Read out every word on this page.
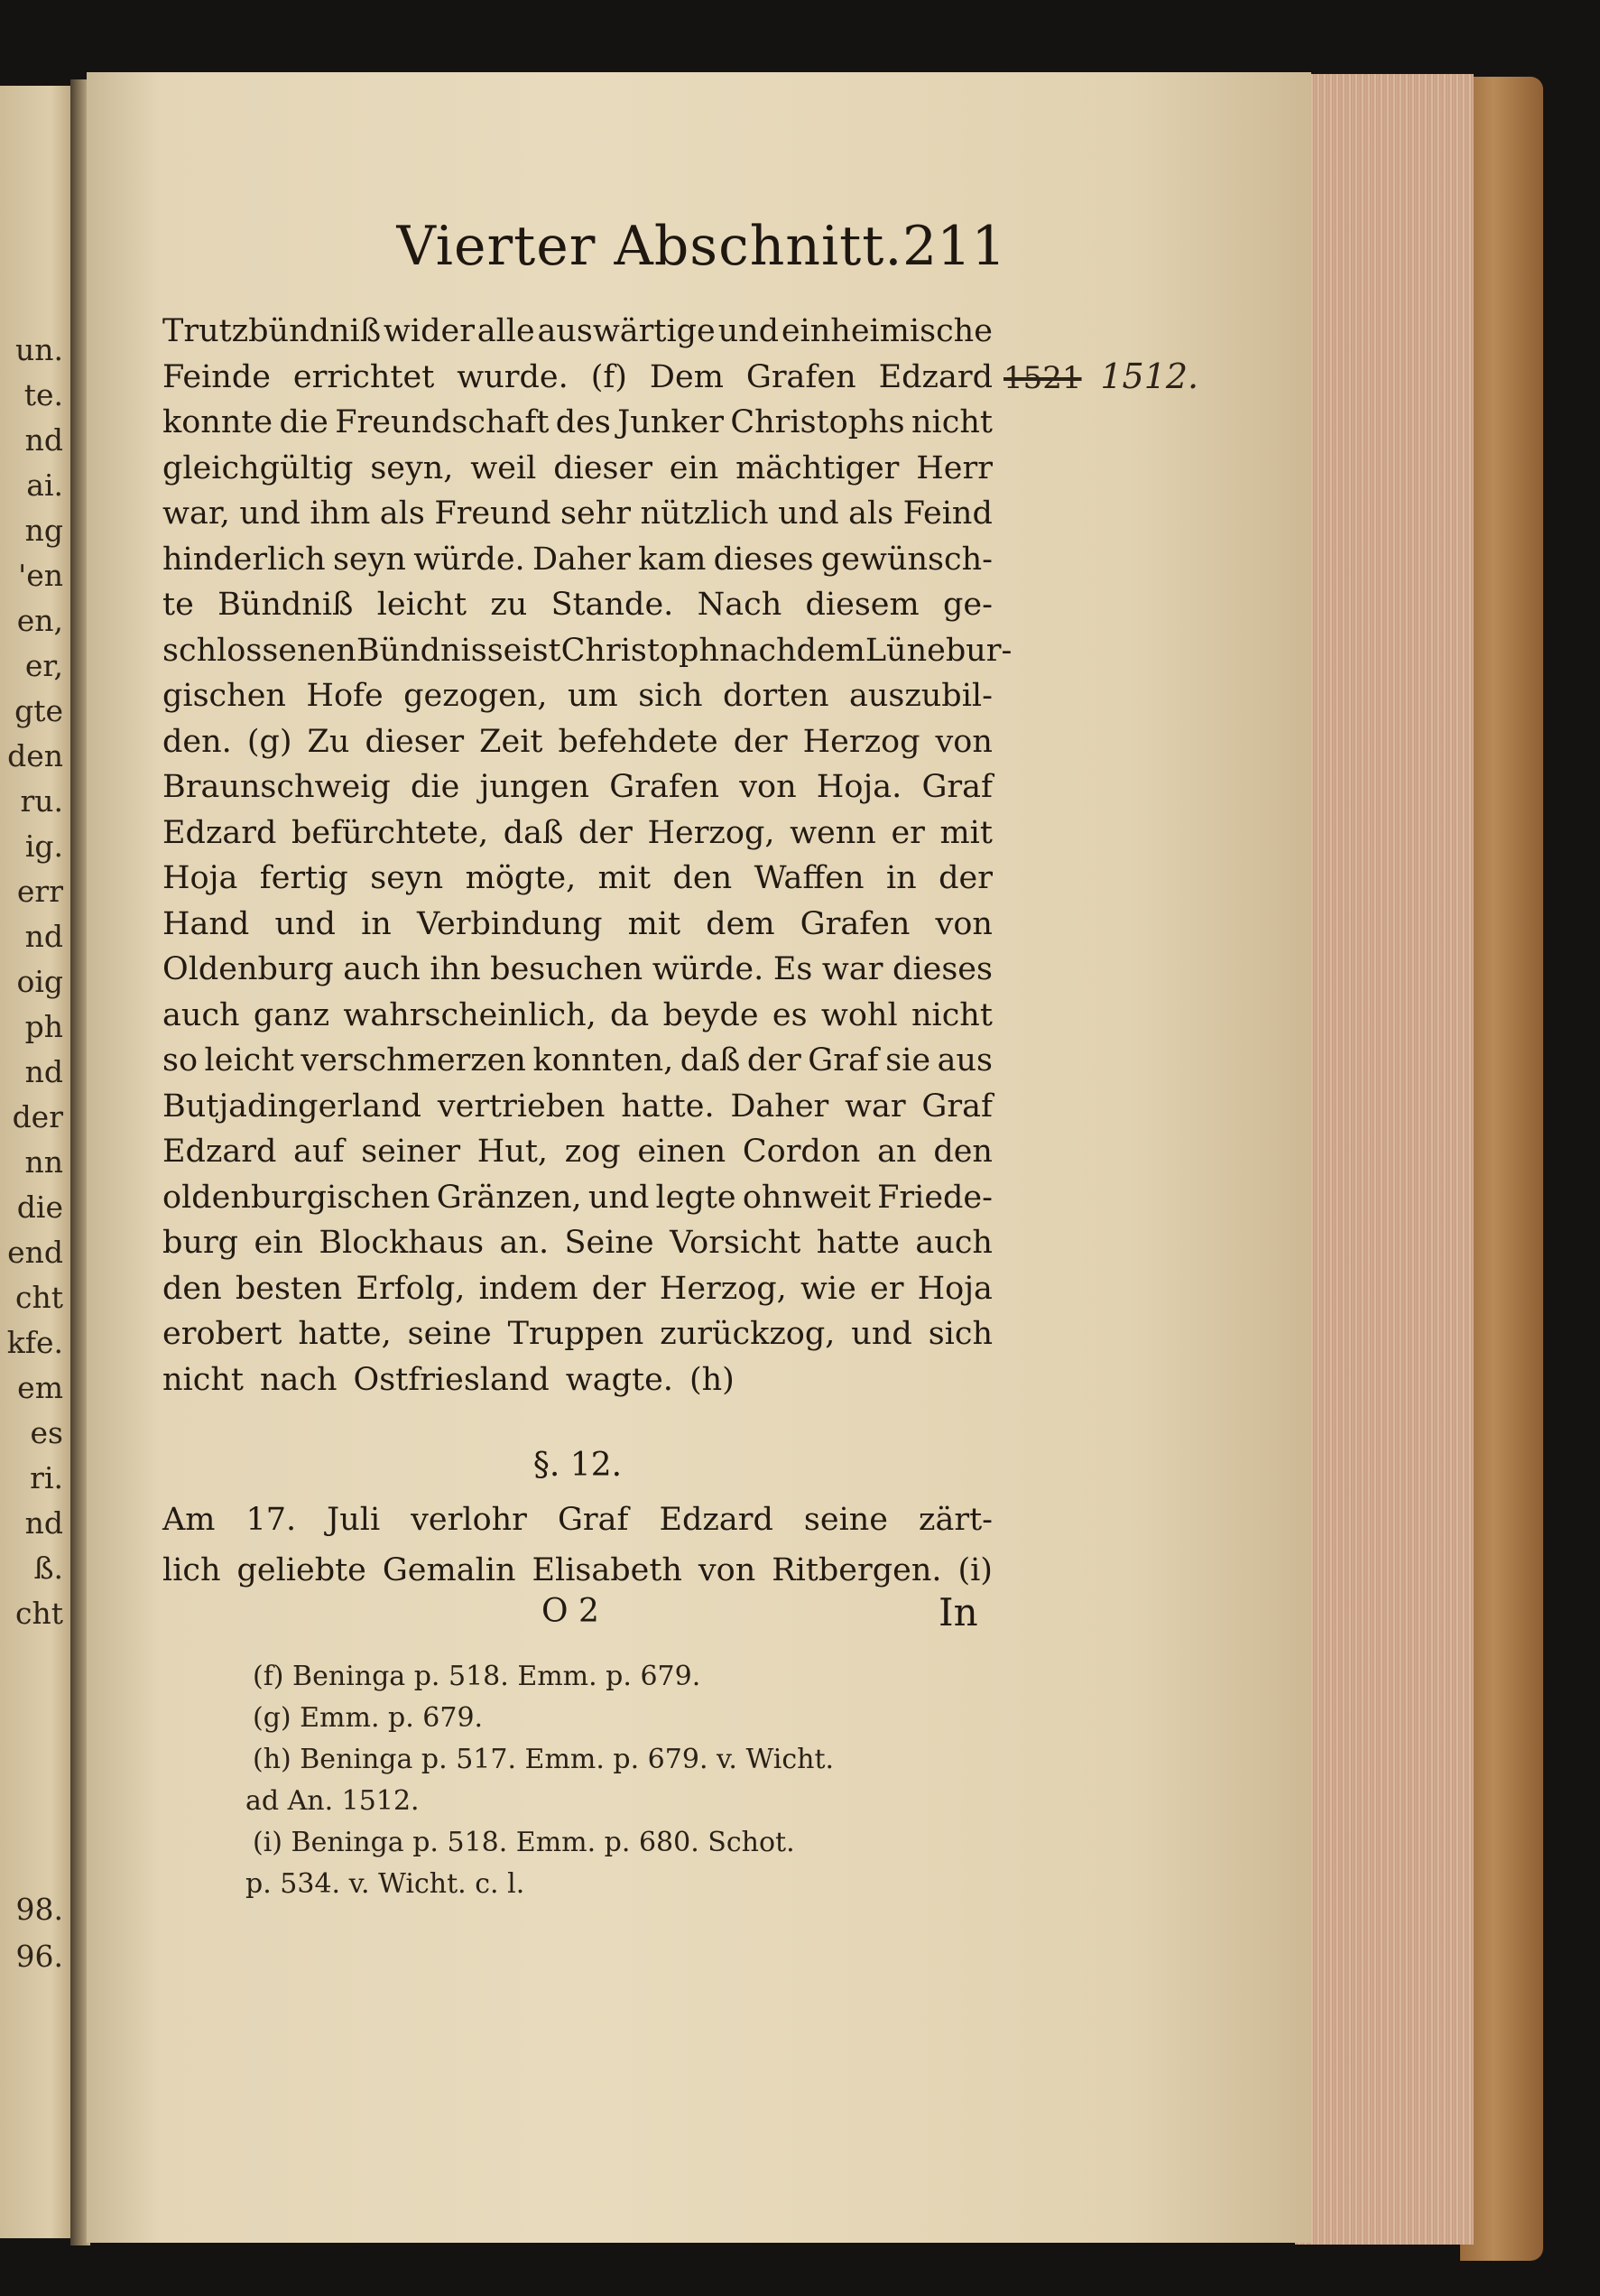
un.
te.
nd
ai.
ng
'en
en,
er,
gte
den
ru.
ig.
err
nd
oig
ph
nd
der
nn
die
end
cht
kfe.
em
es
ri.
nd
ß.
cht
98.
96.
Vierter Abschnitt. 211
Trutzbündniß wider alle auswärtige und einheimische
Feinde errichtet wurde. (f) Dem Grafen Edzard
konnte die Freundschaft des Junker Christophs nicht
gleichgültig seyn, weil dieser ein mächtiger Herr
war, und ihm als Freund sehr nützlich und als Feind
hinderlich seyn würde. Daher kam dieses gewünsch-
te Bündniß leicht zu Stande. Nach diesem ge-
schlossenen Bündnisse ist Christoph nach dem Lünebur-
gischen Hofe gezogen, um sich dorten auszubil-
den. (g) Zu dieser Zeit befehdete der Herzog von
Braunschweig die jungen Grafen von Hoja. Graf
Edzard befürchtete, daß der Herzog, wenn er mit
Hoja fertig seyn mögte, mit den Waffen in der
Hand und in Verbindung mit dem Grafen von
Oldenburg auch ihn besuchen würde. Es war dieses
auch ganz wahrscheinlich, da beyde es wohl nicht
so leicht verschmerzen konnten, daß der Graf sie aus
Butjadingerland vertrieben hatte. Daher war Graf
Edzard auf seiner Hut, zog einen Cordon an den
oldenburgischen Gränzen, und legte ohnweit Friede-
burg ein Blockhaus an. Seine Vorsicht hatte auch
den besten Erfolg, indem der Herzog, wie er Hoja
erobert hatte, seine Truppen zurückzog, und sich
nicht nach Ostfriesland wagte. (h)
1521 1512.
§. 12.
Am 17. Juli verlohr Graf Edzard seine zärt-
lich geliebte Gemalin Elisabeth von Ritbergen. (i)
O 2	In
(f) Beninga p. 518. Emm. p. 679.
(g) Emm. p. 679.
(h) Beninga p. 517. Emm. p. 679. v. Wicht.
ad An. 1512.
(i) Beninga p. 518. Emm. p. 680. Schot.
p. 534. v. Wicht. c. l.
